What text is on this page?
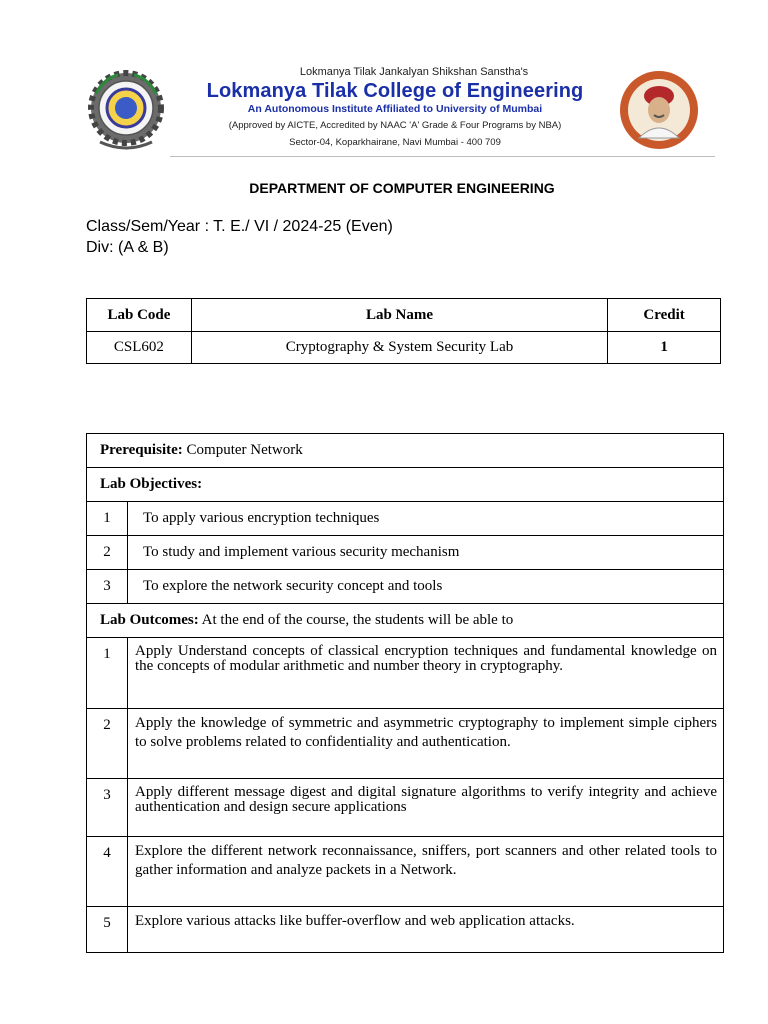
Lokmanya Tilak Jankalyan Shikshan Sanstha's
Lokmanya Tilak College of Engineering
An Autonomous Institute Affiliated to University of Mumbai
(Approved by AICTE, Accredited by NAAC 'A' Grade & Four Programs by NBA)
Sector-04, Koparkhairane, Navi Mumbai - 400 709
DEPARTMENT OF COMPUTER ENGINEERING
Class/Sem/Year : T. E./ VI / 2024-25 (Even)
Div: (A & B)
Lab Code	Lab Name	Credit
CSL602	Cryptography & System Security Lab	1
Prerequisite: Computer Network	
Lab Objectives:	
1	To apply various encryption techniques
2	To study and implement various security mechanism
3	To explore the network security concept and tools
Lab Outcomes: At the end of the course, the students will be able to	
1	Apply Understand concepts of classical encryption techniques and fundamental knowledge on the concepts of modular arithmetic and number theory in cryptography.
2	Apply the knowledge of symmetric and asymmetric cryptography to implement simple ciphers to solve problems related to confidentiality and authentication.
3	Apply different message digest and digital signature algorithms to verify integrity and achieve authentication and design secure applications
4	Explore the different network reconnaissance, sniffers, port scanners and other related tools to gather information and analyze packets in a Network.
5	Explore various attacks like buffer-overflow and web application attacks.
